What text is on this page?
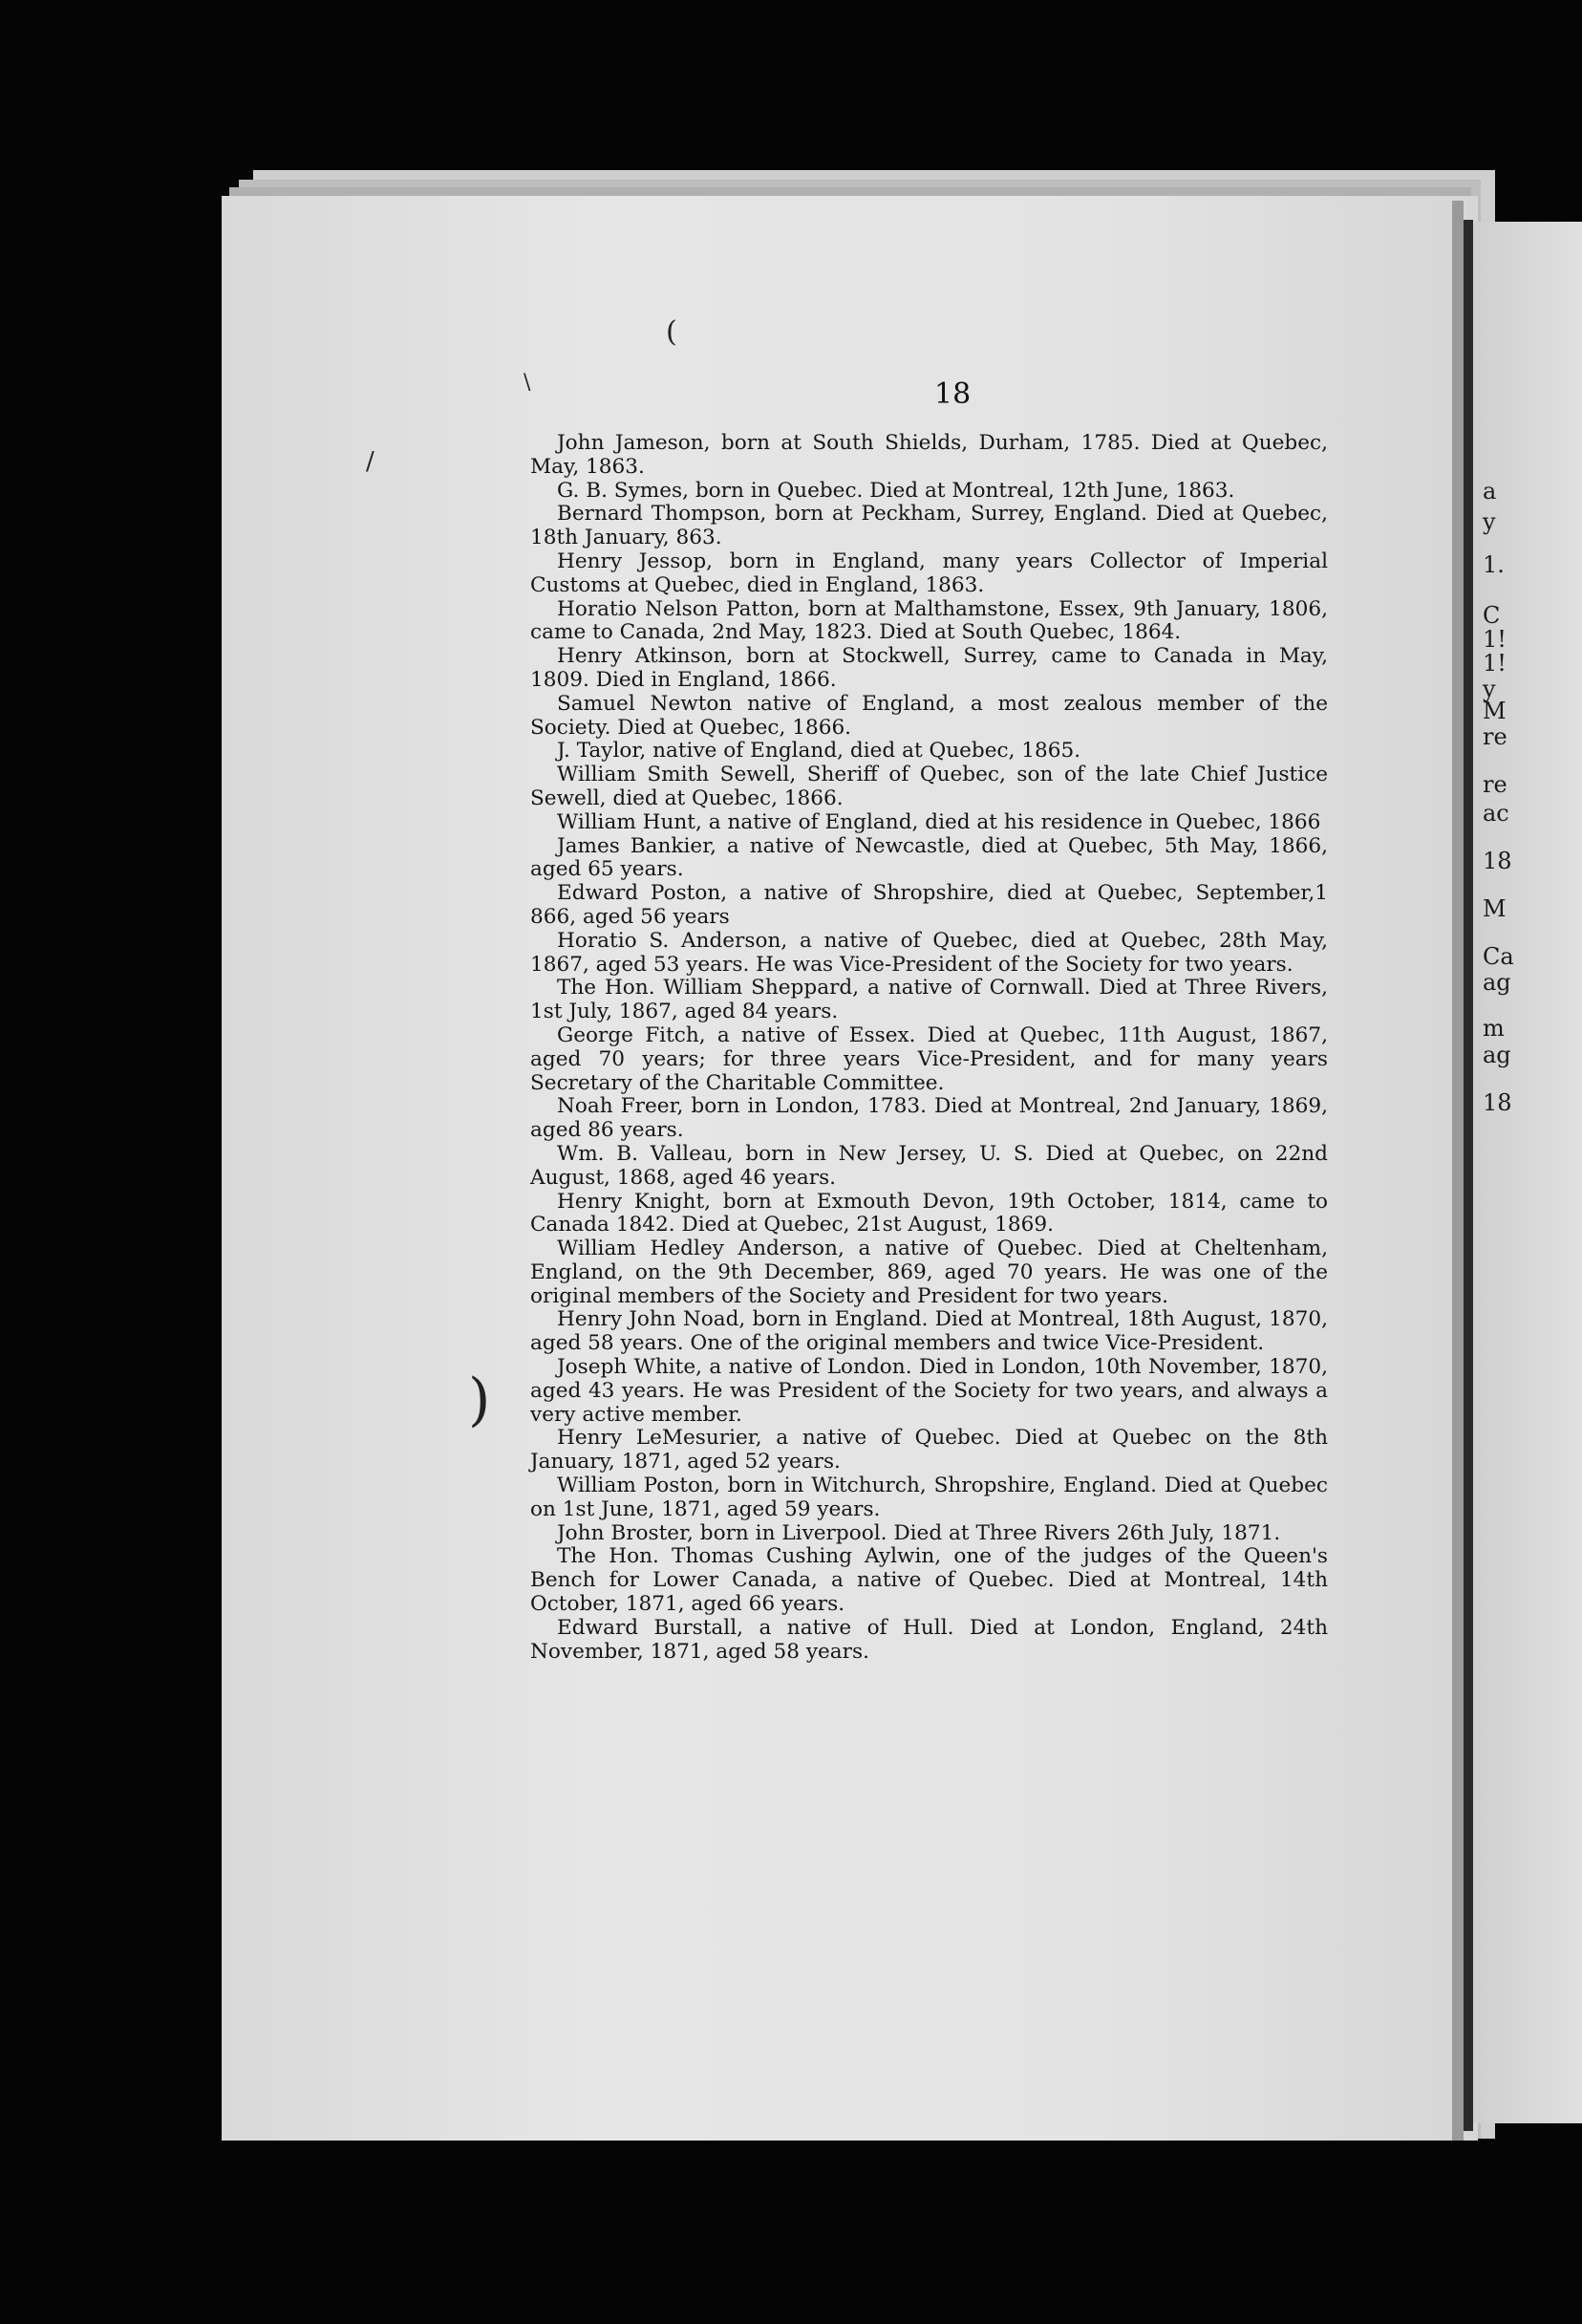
a
y
1.
C
1!
1!
y
M
re
re
ac
18
M
Ca
ag
m
ag
18
(
\
/
)
18

John Jameson, born at South Shields, Durham, 1785. Died at Quebec, May, 1863.

G. B. Symes, born in Quebec. Died at Montreal, 12th June, 1863.

Bernard Thompson, born at Peckham, Surrey, England. Died at Quebec, 18th January, 863.

Henry Jessop, born in England, many years Collector of Imperial Customs at Quebec, died in England, 1863.

Horatio Nelson Patton, born at Malthamstone, Essex, 9th January, 1806, came to Canada, 2nd May, 1823. Died at South Quebec, 1864.

Henry Atkinson, born at Stockwell, Surrey, came to Canada in May, 1809. Died in England, 1866.

Samuel Newton native of England, a most zealous member of the Society. Died at Quebec, 1866.

J. Taylor, native of England, died at Quebec, 1865.

William Smith Sewell, Sheriff of Quebec, son of the late Chief Justice Sewell, died at Quebec, 1866.

William Hunt, a native of England, died at his residence in Quebec, 1866

James Bankier, a native of Newcastle, died at Quebec, 5th May, 1866, aged 65 years.

Edward Poston, a native of Shropshire, died at Quebec, September,1 866, aged 56 years

Horatio S. Anderson, a native of Quebec, died at Quebec, 28th May, 1867, aged 53 years. He was Vice-President of the Society for two years.

The Hon. William Sheppard, a native of Cornwall. Died at Three Rivers, 1st July, 1867, aged 84 years.

George Fitch, a native of Essex. Died at Quebec, 11th August, 1867, aged 70 years; for three years Vice-President, and for many years Secretary of the Charitable Committee.

Noah Freer, born in London, 1783. Died at Montreal, 2nd January, 1869, aged 86 years.

Wm. B. Valleau, born in New Jersey, U. S. Died at Quebec, on 22nd August, 1868, aged 46 years.

Henry Knight, born at Exmouth Devon, 19th October, 1814, came to Canada 1842. Died at Quebec, 21st August, 1869.

William Hedley Anderson, a native of Quebec. Died at Cheltenham, England, on the 9th December, 869, aged 70 years. He was one of the original members of the Society and President for two years.

Henry John Noad, born in England. Died at Montreal, 18th August, 1870, aged 58 years. One of the original members and twice Vice-President.

Joseph White, a native of London. Died in London, 10th November, 1870, aged 43 years. He was President of the Society for two years, and always a very active member.

Henry LeMesurier, a native of Quebec. Died at Quebec on the 8th January, 1871, aged 52 years.

William Poston, born in Witchurch, Shropshire, England. Died at Quebec on 1st June, 1871, aged 59 years.

John Broster, born in Liverpool. Died at Three Rivers 26th July, 1871.

The Hon. Thomas Cushing Aylwin, one of the judges of the Queen's Bench for Lower Canada, a native of Quebec. Died at Montreal, 14th October, 1871, aged 66 years.

Edward Burstall, a native of Hull. Died at London, England, 24th November, 1871, aged 58 years.
